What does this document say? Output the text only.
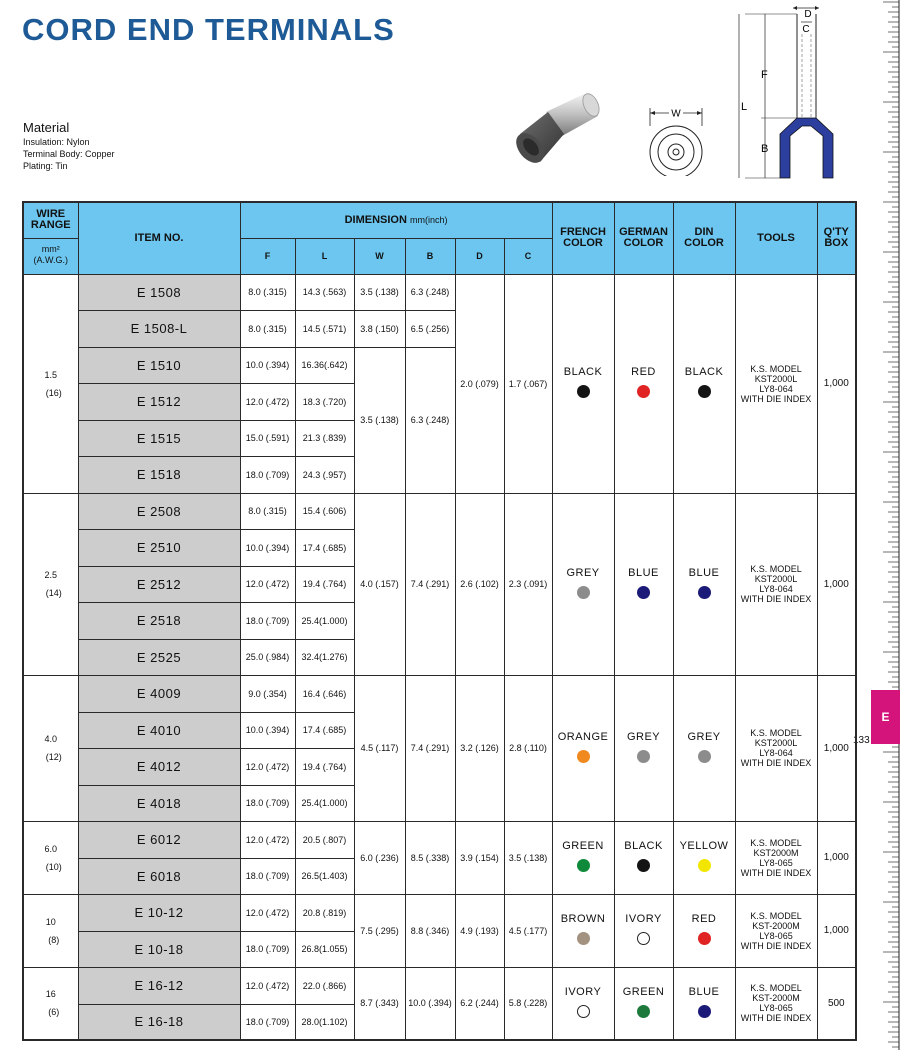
CORD END TERMINALS
Material
Insulation: Nylon
Terminal Body: Copper
Plating: Tin
W
D
C
L
F
B
E
133
WIRE RANGE	ITEM NO.	DIMENSION mm(inch)						FRENCH COLOR	GERMAN COLOR	DIN COLOR	TOOLS	Q'TY BOX
mm²
(A.W.G.)		F	L	W	B	D	C					
1.5
(16)	E 1508	8.0 (.315)	14.3 (.563)	3.5 (.138)	6.3 (.248)	2.0 (.079)	1.7 (.067)	BLACK	RED	BLACK	K.S. MODEL
KST2000L
LY8-064
WITH DIE INDEX	1,000
	E 1508-L	8.0 (.315)	14.5 (.571)	3.8 (.150)	6.5 (.256)							
	E 1510	10.0 (.394)	16.36(.642)	3.5 (.138)	6.3 (.248)							
	E 1512	12.0 (.472)	18.3 (.720)									
	E 1515	15.0 (.591)	21.3 (.839)									
	E 1518	18.0 (.709)	24.3 (.957)									
2.5
(14)	E 2508	8.0 (.315)	15.4 (.606)	4.0 (.157)	7.4 (.291)	2.6 (.102)	2.3 (.091)	GREY	BLUE	BLUE	K.S. MODEL
KST2000L
LY8-064
WITH DIE INDEX	1,000
	E 2510	10.0 (.394)	17.4 (.685)									
	E 2512	12.0 (.472)	19.4 (.764)									
	E 2518	18.0 (.709)	25.4(1.000)									
	E 2525	25.0 (.984)	32.4(1.276)									
4.0
(12)	E 4009	9.0 (.354)	16.4 (.646)	4.5 (.117)	7.4 (.291)	3.2 (.126)	2.8 (.110)	ORANGE	GREY	GREY	K.S. MODEL
KST2000L
LY8-064
WITH DIE INDEX	1,000
	E 4010	10.0 (.394)	17.4 (.685)									
	E 4012	12.0 (.472)	19.4 (.764)									
	E 4018	18.0 (.709)	25.4(1.000)									
6.0
(10)	E 6012	12.0 (.472)	20.5 (.807)	6.0 (.236)	8.5 (.338)	3.9 (.154)	3.5 (.138)	GREEN	BLACK	YELLOW	K.S. MODEL
KST2000M
LY8-065
WITH DIE INDEX	1,000
	E 6018	18.0 (.709)	26.5(1.403)									
10
(8)	E 10-12	12.0 (.472)	20.8 (.819)	7.5 (.295)	8.8 (.346)	4.9 (.193)	4.5 (.177)	BROWN	IVORY	RED	K.S. MODEL
KST-2000M
LY8-065
WITH DIE INDEX	1,000
	E 10-18	18.0 (.709)	26.8(1.055)									
16
(6)	E 16-12	12.0 (.472)	22.0 (.866)	8.7 (.343)	10.0 (.394)	6.2 (.244)	5.8 (.228)	IVORY	GREEN	BLUE	K.S. MODEL
KST-2000M
LY8-065
WITH DIE INDEX	500
	E 16-18	18.0 (.709)	28.0(1.102)									
